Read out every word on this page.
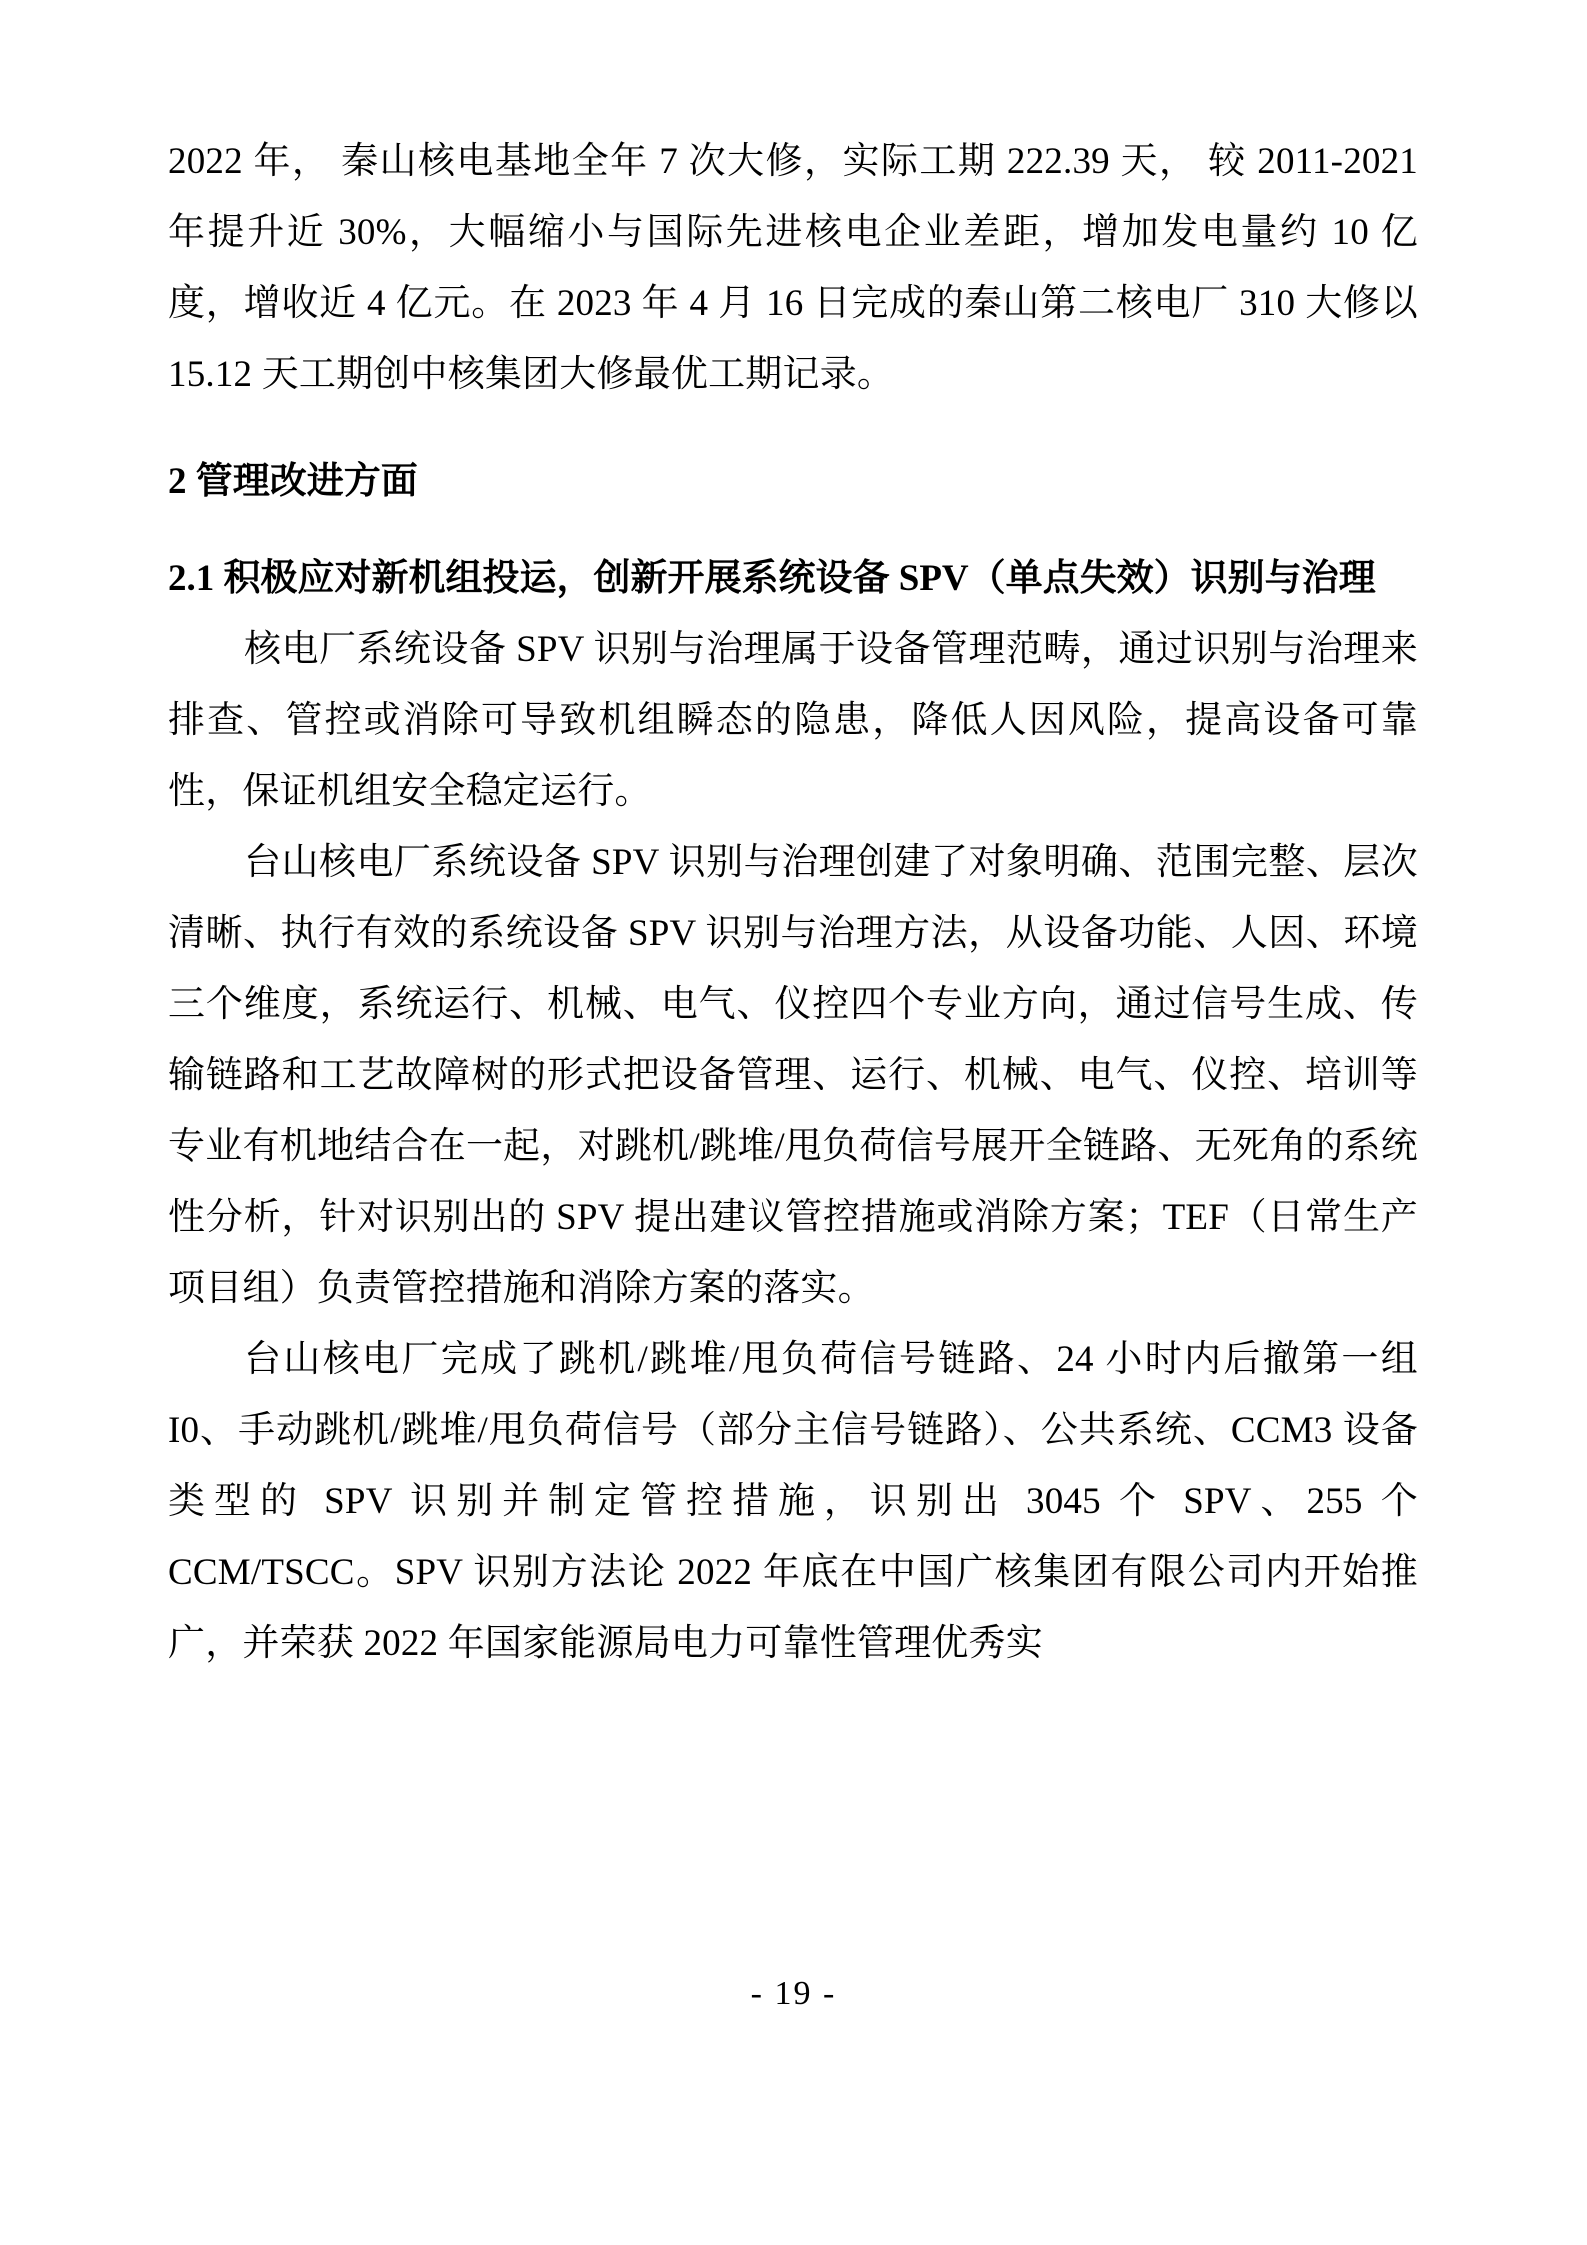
2022 年， 秦山核电基地全年 7 次大修，实际工期 222.39 天， 较 2011-2021 年提升近 30%，大幅缩小与国际先进核电企业差距，增加发电量约 10 亿度，增收近 4 亿元。在 2023 年 4 月 16 日完成的秦山第二核电厂 310 大修以 15.12 天工期创中核集团大修最优工期记录。

2 管理改进方面
2.1 积极应对新机组投运，创新开展系统设备 SPV（单点失效）识别与治理

核电厂系统设备 SPV 识别与治理属于设备管理范畴，通过识别与治理来排查、管控或消除可导致机组瞬态的隐患，降低人因风险，提高设备可靠性，保证机组安全稳定运行。

台山核电厂系统设备 SPV 识别与治理创建了对象明确、范围完整、层次清晰、执行有效的系统设备 SPV 识别与治理方法，从设备功能、人因、环境三个维度，系统运行、机械、电气、仪控四个专业方向，通过信号生成、传输链路和工艺故障树的形式把设备管理、运行、机械、电气、仪控、培训等专业有机地结合在一起，对跳机/跳堆/甩负荷信号展开全链路、无死角的系统性分析，针对识别出的 SPV 提出建议管控措施或消除方案；TEF（日常生产项目组）负责管控措施和消除方案的落实。

台山核电厂完成了跳机/跳堆/甩负荷信号链路、24 小时内后撤第一组 I0、手动跳机/跳堆/甩负荷信号（部分主信号链路）、公共系统、CCM3 设备类型的 SPV 识别并制定管控措施，识别出 3045 个 SPV、255 个 CCM/TSCC。SPV 识别方法论 2022 年底在中国广核集团有限公司内开始推广，并荣获 2022 年国家能源局电力可靠性管理优秀实

- 19 -
